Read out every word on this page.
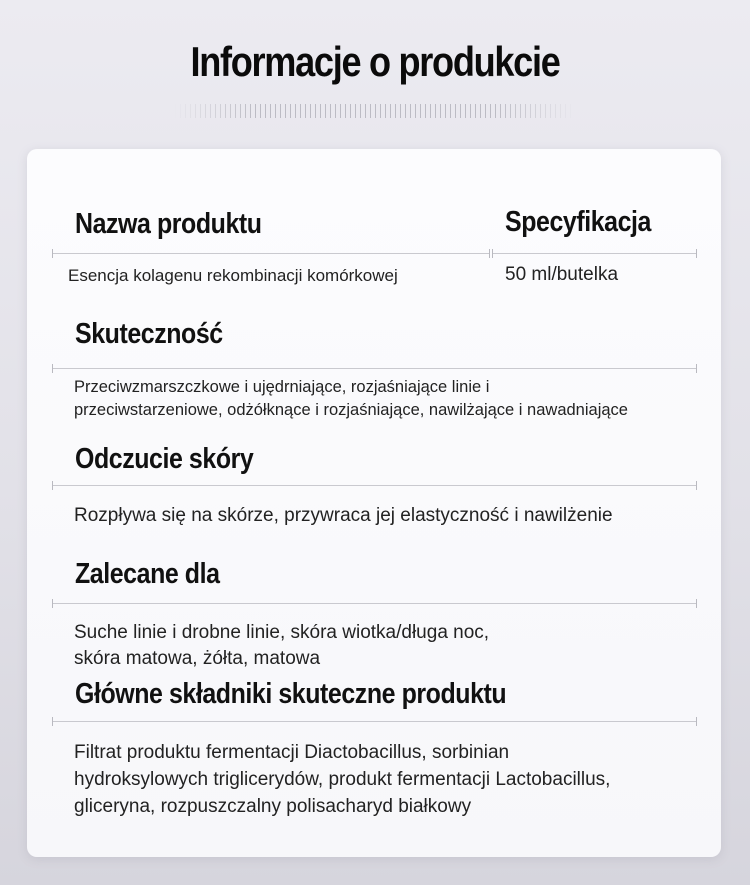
Informacje o produkcie
Nazwa produktu	Specyfikacja
Esencja kolagenu rekombinacji komórkowej	50 ml/butelka
Skuteczność
Przeciwzmarszczkowe i ujędrniające, rozjaśniające linie i
przeciwstarzeniowe, odżółknące i rozjaśniające, nawilżające i nawadniające
Odczucie skóry
Rozpływa się na skórze, przywraca jej elastyczność i nawilżenie
Zalecane dla
Suche linie i drobne linie, skóra wiotka/długa noc,
skóra matowa, żółta, matowa
Główne składniki skuteczne produktu
Filtrat produktu fermentacji Diactobacillus, sorbinian
hydroksylowych triglicerydów, produkt fermentacji Lactobacillus,
gliceryna, rozpuszczalny polisacharyd białkowy
